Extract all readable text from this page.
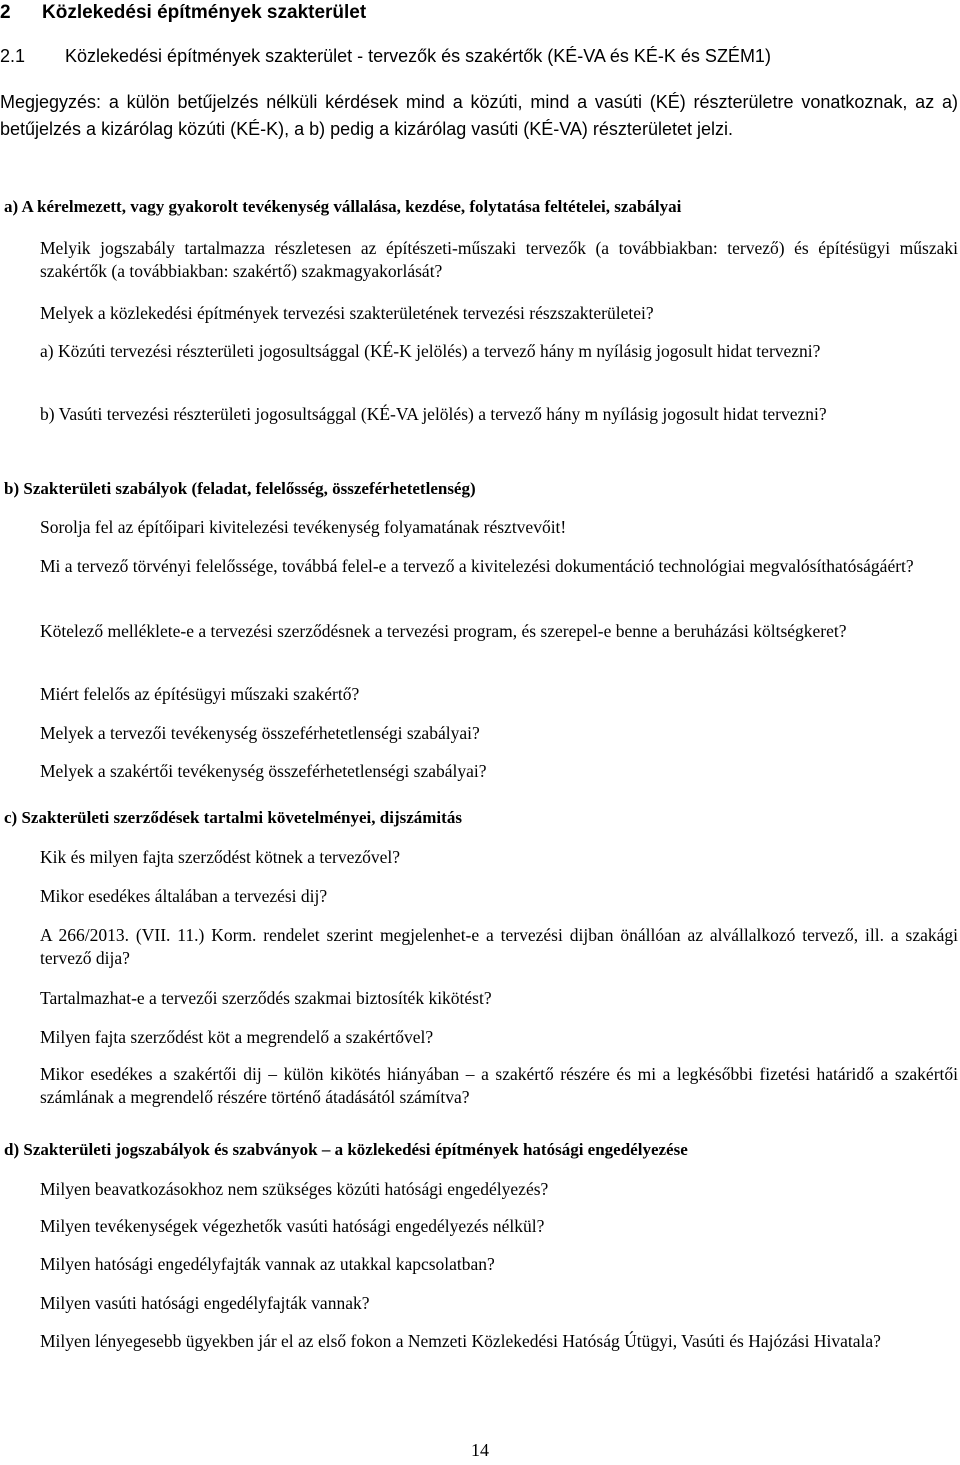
2 Közlekedési építmények szakterület
2.1 Közlekedési építmények szakterület - tervezők és szakértők (KÉ-VA és KÉ-K és SZÉM1)
Megjegyzés: a külön betűjelzés nélküli kérdések mind a közúti, mind a vasúti (KÉ) részterületre vonatkoznak, az a) betűjelzés a kizárólag közúti (KÉ-K), a b) pedig a kizárólag vasúti (KÉ-VA) részterületet jelzi.
a) A kérelmezett, vagy gyakorolt tevékenység vállalása, kezdése, folytatása feltételei, szabályai
Melyik jogszabály tartalmazza részletesen az építészeti-műszaki tervezők (a továbbiakban: tervező) és építésügyi műszaki szakértők (a továbbiakban: szakértő) szakmagyakorlását?
Melyek a közlekedési építmények tervezési szakterületének tervezési részszakterületei?
a) Közúti tervezési részterületi jogosultsággal (KÉ-K jelölés) a tervező hány m nyílásig jogosult hidat tervezni?
b) Vasúti tervezési részterületi jogosultsággal (KÉ-VA jelölés) a tervező hány m nyílásig jogosult hidat tervezni?
b) Szakterületi szabályok (feladat, felelősség, összeférhetetlenség)
Sorolja fel az építőipari kivitelezési tevékenység folyamatának résztvevőit!
Mi a tervező törvényi felelőssége, továbbá felel-e a tervező a kivitelezési dokumentáció technológiai megvalósíthatóságáért?
Kötelező melléklete-e a tervezési szerződésnek a tervezési program, és szerepel-e benne a beruházási költségkeret?
Miért felelős az építésügyi műszaki szakértő?
Melyek a tervezői tevékenység összeférhetetlenségi szabályai?
Melyek a szakértői tevékenység összeférhetetlenségi szabályai?
c) Szakterületi szerződések tartalmi követelményei, dijszámitás
Kik és milyen fajta szerződést kötnek a tervezővel?
Mikor esedékes általában a tervezési dij?
A 266/2013. (VII. 11.) Korm. rendelet szerint megjelenhet-e a tervezési dijban önállóan az alvállalkozó tervező, ill. a szakági tervező dija?
Tartalmazhat-e a tervezői szerződés szakmai biztosíték kikötést?
Milyen fajta szerződést köt a megrendelő a szakértővel?
Mikor esedékes a szakértői dij – külön kikötés hiányában – a szakértő részére és mi a legkésőbbi fizetési határidő a szakértői számlának a megrendelő részére történő átadásától számítva?
d) Szakterületi jogszabályok és szabványok – a közlekedési építmények hatósági engedélyezése
Milyen beavatkozásokhoz nem szükséges közúti hatósági engedélyezés?
Milyen tevékenységek végezhetők vasúti hatósági engedélyezés nélkül?
Milyen hatósági engedélyfajták vannak az utakkal kapcsolatban?
Milyen vasúti hatósági engedélyfajták vannak?
Milyen lényegesebb ügyekben jár el az első fokon a Nemzeti Közlekedési Hatóság Útügyi, Vasúti és Hajózási Hivatala?
14
